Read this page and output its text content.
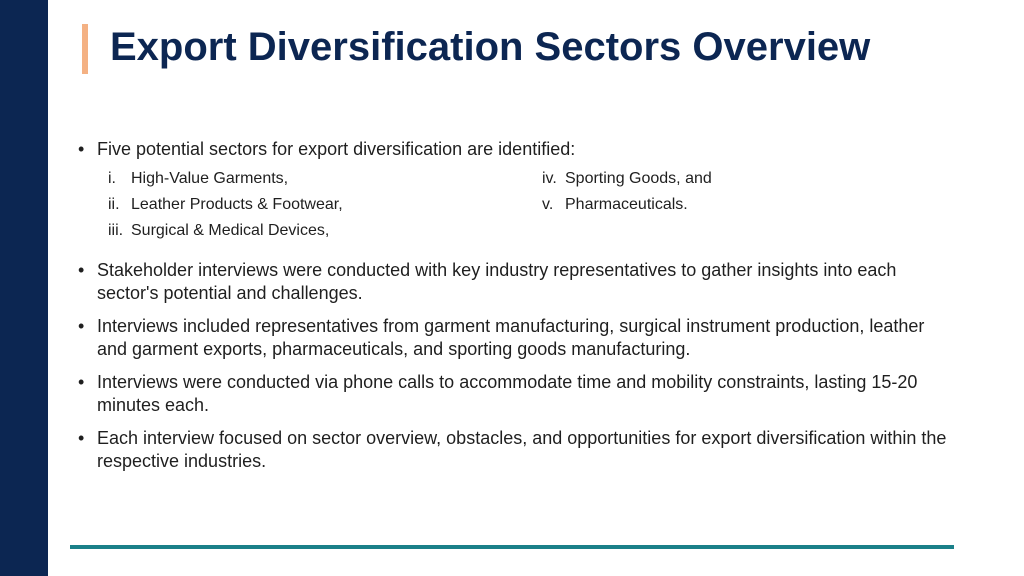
Export Diversification Sectors Overview
• Five potential sectors for export diversification are identified:
i. High-Value Garments,
ii. Leather Products & Footwear,
iii. Surgical & Medical Devices,
iv. Sporting Goods, and
v. Pharmaceuticals.
• Stakeholder interviews were conducted with key industry representatives to gather insights into each sector's potential and challenges.
• Interviews included representatives from garment manufacturing, surgical instrument production, leather and garment exports, pharmaceuticals, and sporting goods manufacturing.
• Interviews were conducted via phone calls to accommodate time and mobility constraints, lasting 15-20 minutes each.
• Each interview focused on sector overview, obstacles, and opportunities for export diversification within the respective industries.
